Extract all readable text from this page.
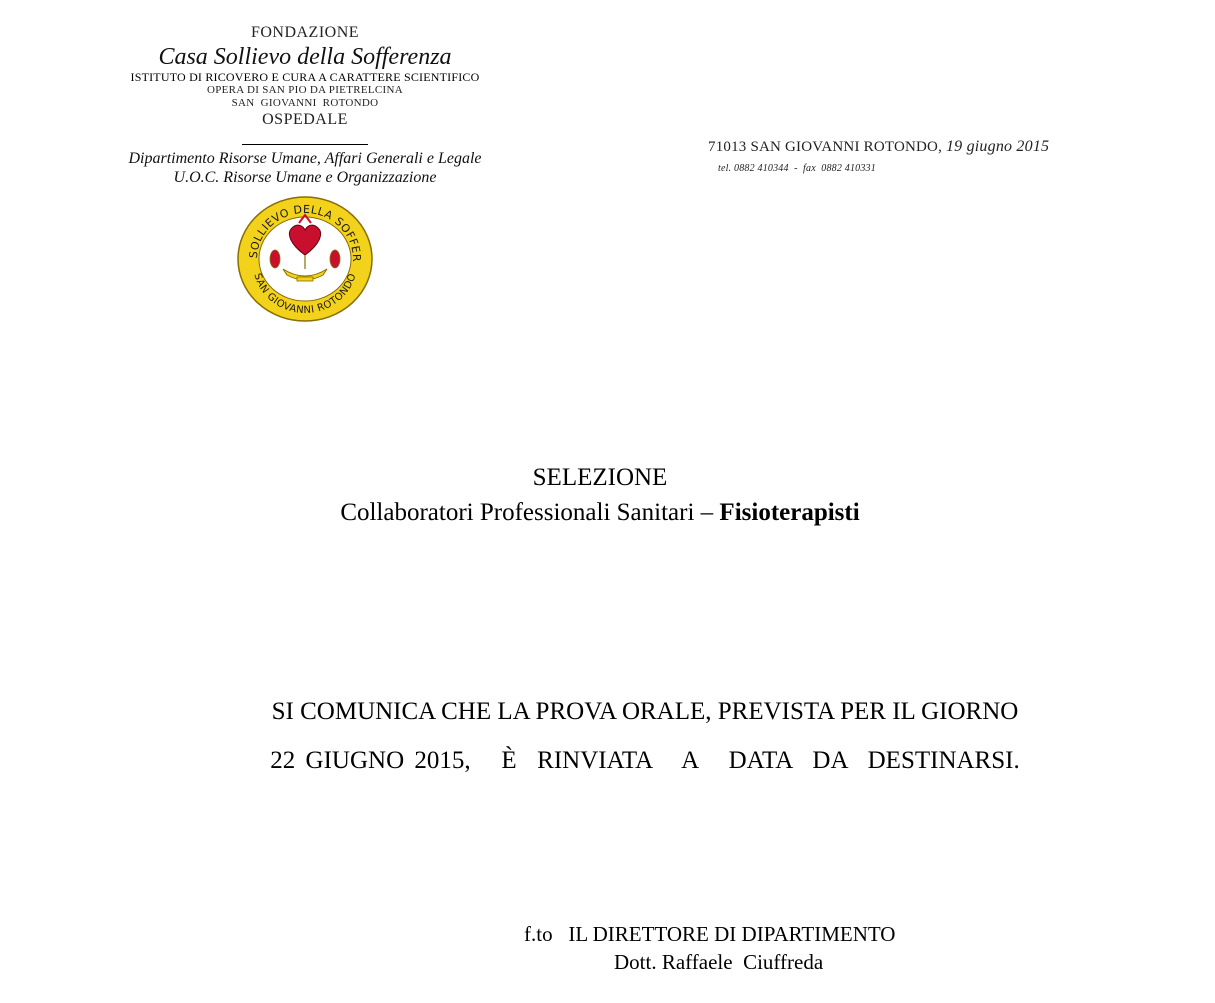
FONDAZIONE
Casa Sollievo della Sofferenza
ISTITUTO DI RICOVERO E CURA A CARATTERE SCIENTIFICO
OPERA DI SAN PIO DA PIETRELCINA
SAN  GIOVANNI  ROTONDO
OSPEDALE
Dipartimento Risorse Umane, Affari Generali e Legale
U.O.C. Risorse Umane e Organizzazione
SOLLIEVO DELLA SOFFER
SAN GIOVANNI ROTONDO
71013 SAN GIOVANNI ROTONDO, 19 giugno 2015
tel. 0882 410344  -  fax  0882 410331
SELEZIONE
Collaboratori Professionali Sanitari – Fisioterapisti
SI COMUNICA CHE LA PROVA ORALE, PREVISTA PER IL GIORNO
22 GIUGNO 2015,   È  RINVIATA   A   DATA  DA  DESTINARSI.
f.to   IL DIRETTORE DI DIPARTIMENTO
Dott. Raffaele  Ciuffreda
